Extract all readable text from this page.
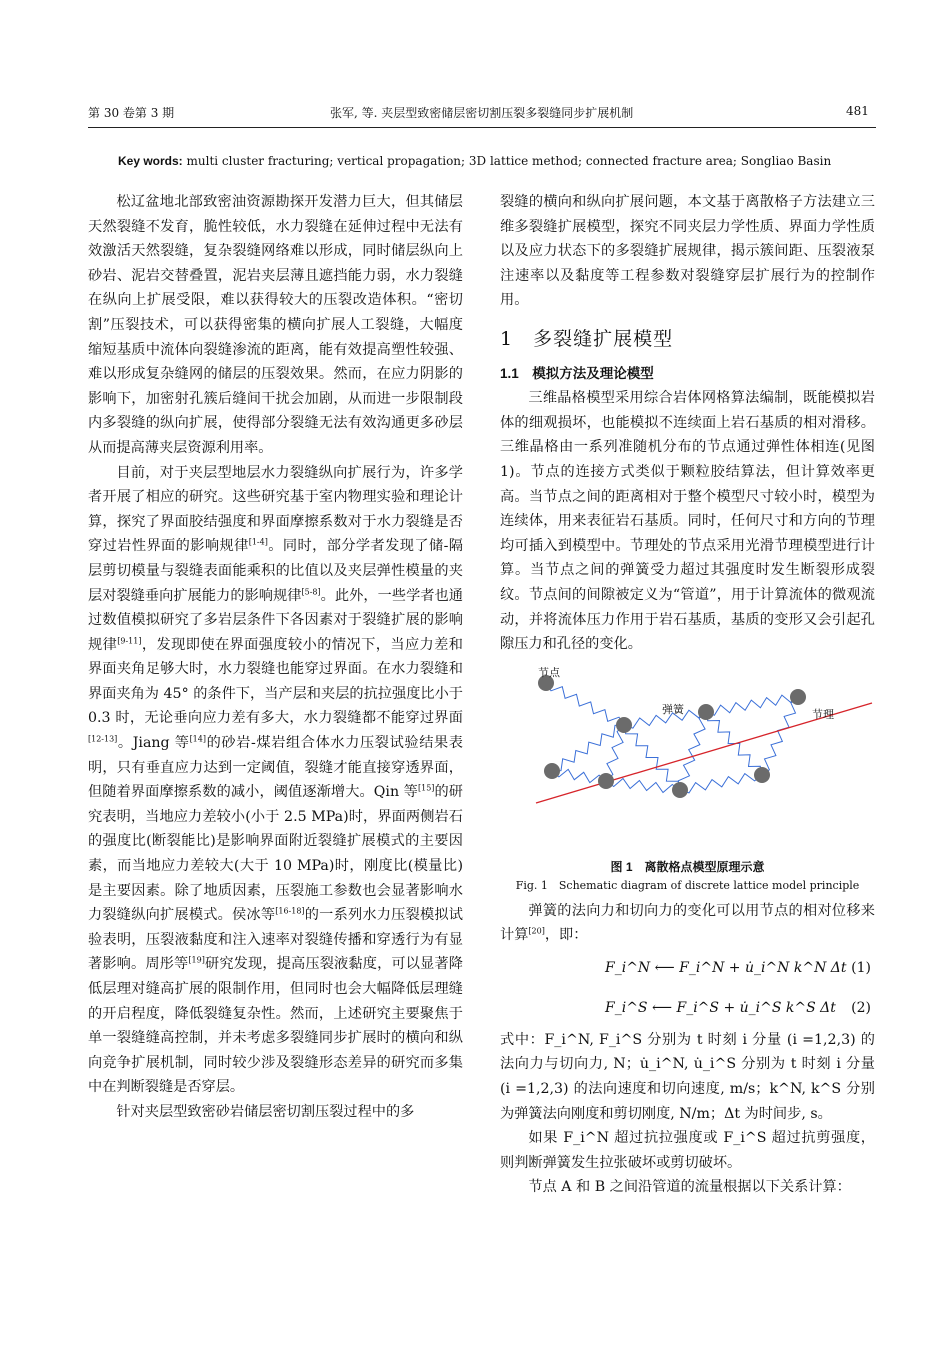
第 30 卷第 3 期	张军, 等. 夹层型致密储层密切割压裂多裂缝同步扩展机制	481
Key words: multi cluster fracturing; vertical propagation; 3D lattice method; connected fracture area; Songliao Basin

松辽盆地北部致密油资源勘探开发潜力巨大，但其储层天然裂缝不发育，脆性较低，水力裂缝在延伸过程中无法有效激活天然裂缝，复杂裂缝网络难以形成，同时储层纵向上砂岩、泥岩交替叠置，泥岩夹层薄且遮挡能力弱，水力裂缝在纵向上扩展受限，难以获得较大的压裂改造体积。“密切割”压裂技术，可以获得密集的横向扩展人工裂缝，大幅度缩短基质中流体向裂缝渗流的距离，能有效提高塑性较强、难以形成复杂缝网的储层的压裂效果。然而，在应力阴影的影响下，加密射孔簇后缝间干扰会加剧，从而进一步限制段内多裂缝的纵向扩展，使得部分裂缝无法有效沟通更多砂层从而提高薄夹层资源利用率。

目前，对于夹层型地层水力裂缝纵向扩展行为，许多学者开展了相应的研究。这些研究基于室内物理实验和理论计算，探究了界面胶结强度和界面摩擦系数对于水力裂缝是否穿过岩性界面的影响规律[1-4]。同时，部分学者发现了储-隔层剪切模量与裂缝表面能乘积的比值以及夹层弹性模量的夹层对裂缝垂向扩展能力的影响规律[5-8]。此外，一些学者也通过数值模拟研究了多岩层条件下各因素对于裂缝扩展的影响规律[9-11]，发现即使在界面强度较小的情况下，当应力差和界面夹角足够大时，水力裂缝也能穿过界面。在水力裂缝和界面夹角为 45° 的条件下，当产层和夹层的抗拉强度比小于 0.3 时，无论垂向应力差有多大，水力裂缝都不能穿过界面[12-13]。Jiang 等[14]的砂岩-煤岩组合体水力压裂试验结果表明，只有垂直应力达到一定阈值，裂缝才能直接穿透界面，但随着界面摩擦系数的减小，阈值逐渐增大。Qin 等[15]的研究表明，当地应力差较小(小于 2.5 MPa)时，界面两侧岩石的强度比(断裂能比)是影响界面附近裂缝扩展模式的主要因素，而当地应力差较大(大于 10 MPa)时，刚度比(模量比)是主要因素。除了地质因素，压裂施工参数也会显著影响水力裂缝纵向扩展模式。侯冰等[16-18]的一系列水力压裂模拟试验表明，压裂液黏度和注入速率对裂缝传播和穿透行为有显著影响。周彤等[19]研究发现，提高压裂液黏度，可以显著降低层理对缝高扩展的限制作用，但同时也会大幅降低层理缝的开启程度，降低裂缝复杂性。然而，上述研究主要聚焦于单一裂缝缝高控制，并未考虑多裂缝同步扩展时的横向和纵向竞争扩展机制，同时较少涉及裂缝形态差异的研究而多集中在判断裂缝是否穿层。

针对夹层型致密砂岩储层密切割压裂过程中的多

裂缝的横向和纵向扩展问题，本文基于离散格子方法建立三维多裂缝扩展模型，探究不同夹层力学性质、界面力学性质以及应力状态下的多裂缝扩展规律，揭示簇间距、压裂液泵注速率以及黏度等工程参数对裂缝穿层扩展行为的控制作用。

1　多裂缝扩展模型

1.1　模拟方法及理论模型

三维晶格模型采用综合岩体网格算法编制，既能模拟岩体的细观损坏，也能模拟不连续面上岩石基质的相对滑移。三维晶格由一系列准随机分布的节点通过弹性体相连(见图 1)。节点的连接方式类似于颗粒胶结算法，但计算效率更高。当节点之间的距离相对于整个模型尺寸较小时，模型为连续体，用来表征岩石基质。同时，任何尺寸和方向的节理均可插入到模型中。节理处的节点采用光滑节理模型进行计算。当节点之间的弹簧受力超过其强度时发生断裂形成裂纹。节点间的间隙被定义为“管道”，用于计算流体的微观流动，并将流体压力作用于岩石基质，基质的变形又会引起孔隙压力和孔径的变化。

节点
弹簧	节理

图 1　离散格点模型原理示意

Fig. 1　Schematic diagram of discrete lattice model principle

弹簧的法向力和切向力的变化可以用节点的相对位移来计算[20]，即：

F_i^N ⟵ F_i^N + u̇_i^N k^N Δt (1)
F_i^S ⟵ F_i^S + u̇_i^S k^S Δt (2)

式中：F_i^N, F_i^S 分别为 t 时刻 i 分量 (i =1,2,3) 的法向力与切向力, N；u̇_i^N, u̇_i^S 分别为 t 时刻 i 分量 (i =1,2,3) 的法向速度和切向速度, m/s；k^N, k^S 分别为弹簧法向刚度和剪切刚度, N/m；Δt 为时间步, s。

如果 F_i^N 超过抗拉强度或 F_i^S 超过抗剪强度，则判断弹簧发生拉张破坏或剪切破坏。

节点 A 和 B 之间沿管道的流量根据以下关系计算：
